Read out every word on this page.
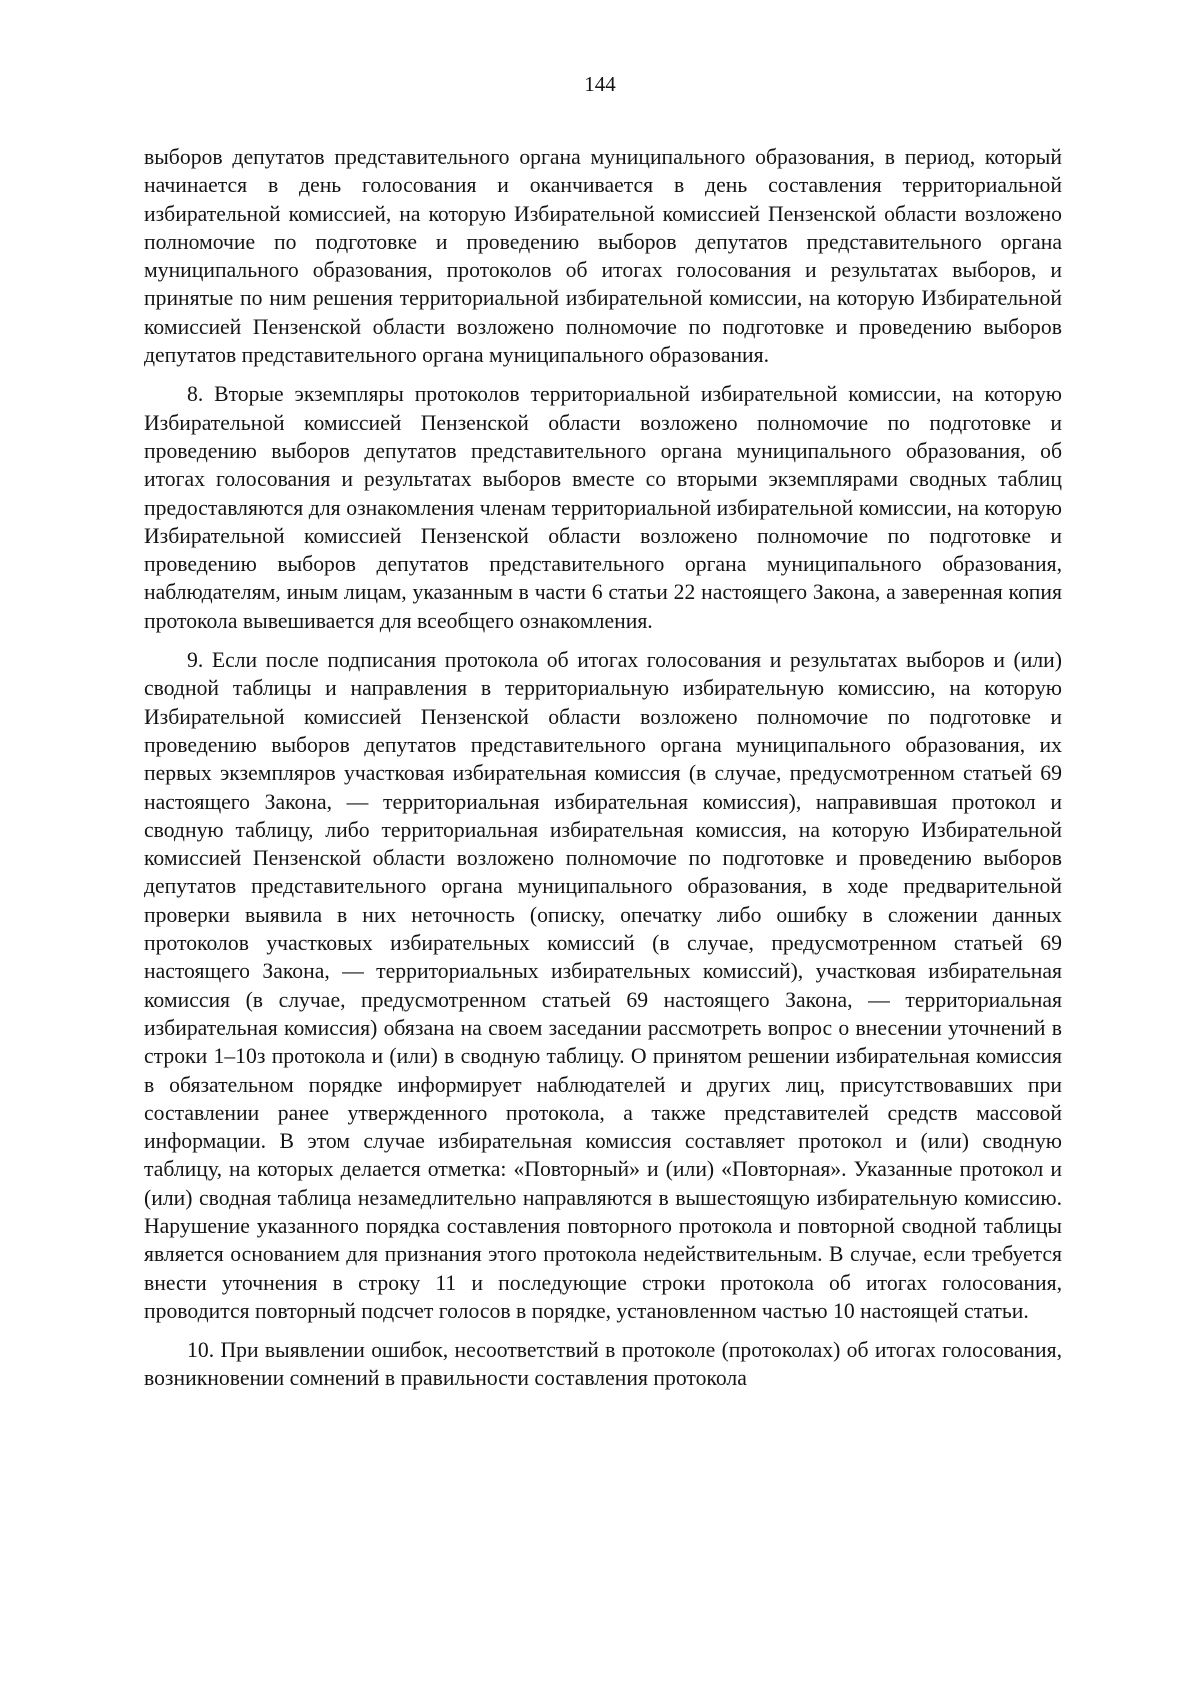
144

выборов депутатов представительного органа муниципального образования, в период, который начинается в день голосования и оканчивается в день составления территориальной избирательной комиссией, на которую Избирательной комиссией Пензенской области возложено полномочие по подготовке и проведению выборов депутатов представительного органа муниципального образования, протоколов об итогах голосования и результатах выборов, и принятые по ним решения территориальной избирательной комиссии, на которую Избирательной комиссией Пензенской области возложено полномочие по подготовке и проведению выборов депутатов представительного органа муниципального образования.

8. Вторые экземпляры протоколов территориальной избирательной комиссии, на которую Избирательной комиссией Пензенской области возложено полномочие по подготовке и проведению выборов депутатов представительного органа муниципального образования, об итогах голосования и результатах выборов вместе со вторыми экземплярами сводных таблиц предоставляются для ознакомления членам территориальной избирательной комиссии, на которую Избирательной комиссией Пензенской области возложено полномочие по подготовке и проведению выборов депутатов представительного органа муниципального образования, наблюдателям, иным лицам, указанным в части 6 статьи 22 настоящего Закона, а заверенная копия протокола вывешивается для всеобщего ознакомления.

9. Если после подписания протокола об итогах голосования и результатах выборов и (или) сводной таблицы и направления в территориальную избирательную комиссию, на которую Избирательной комиссией Пензенской области возложено полномочие по подготовке и проведению выборов депутатов представительного органа муниципального образования, их первых экземпляров участковая избирательная комиссия (в случае, предусмотренном статьей 69 настоящего Закона, — территориальная избирательная комиссия), направившая протокол и сводную таблицу, либо территориальная избирательная комиссия, на которую Избирательной комиссией Пензенской области возложено полномочие по подготовке и проведению выборов депутатов представительного органа муниципального образования, в ходе предварительной проверки выявила в них неточность (описку, опечатку либо ошибку в сложении данных протоколов участковых избирательных комиссий (в случае, предусмотренном статьей 69 настоящего Закона, — территориальных избирательных комиссий), участковая избирательная комиссия (в случае, предусмотренном статьей 69 настоящего Закона, — территориальная избирательная комиссия) обязана на своем заседании рассмотреть вопрос о внесении уточнений в строки 1–10з протокола и (или) в сводную таблицу. О принятом решении избирательная комиссия в обязательном порядке информирует наблюдателей и других лиц, присутствовавших при составлении ранее утвержденного протокола, а также представителей средств массовой информации. В этом случае избирательная комиссия составляет протокол и (или) сводную таблицу, на которых делается отметка: «Повторный» и (или) «Повторная». Указанные протокол и (или) сводная таблица незамедлительно направляются в вышестоящую избирательную комиссию. Нарушение указанного порядка составления повторного протокола и повторной сводной таблицы является основанием для признания этого протокола недействительным. В случае, если требуется внести уточнения в строку 11 и последующие строки протокола об итогах голосования, проводится повторный подсчет голосов в порядке, установленном частью 10 настоящей статьи.

10. При выявлении ошибок, несоответствий в протоколе (протоколах) об итогах голосования, возникновении сомнений в правильности составления протокола
